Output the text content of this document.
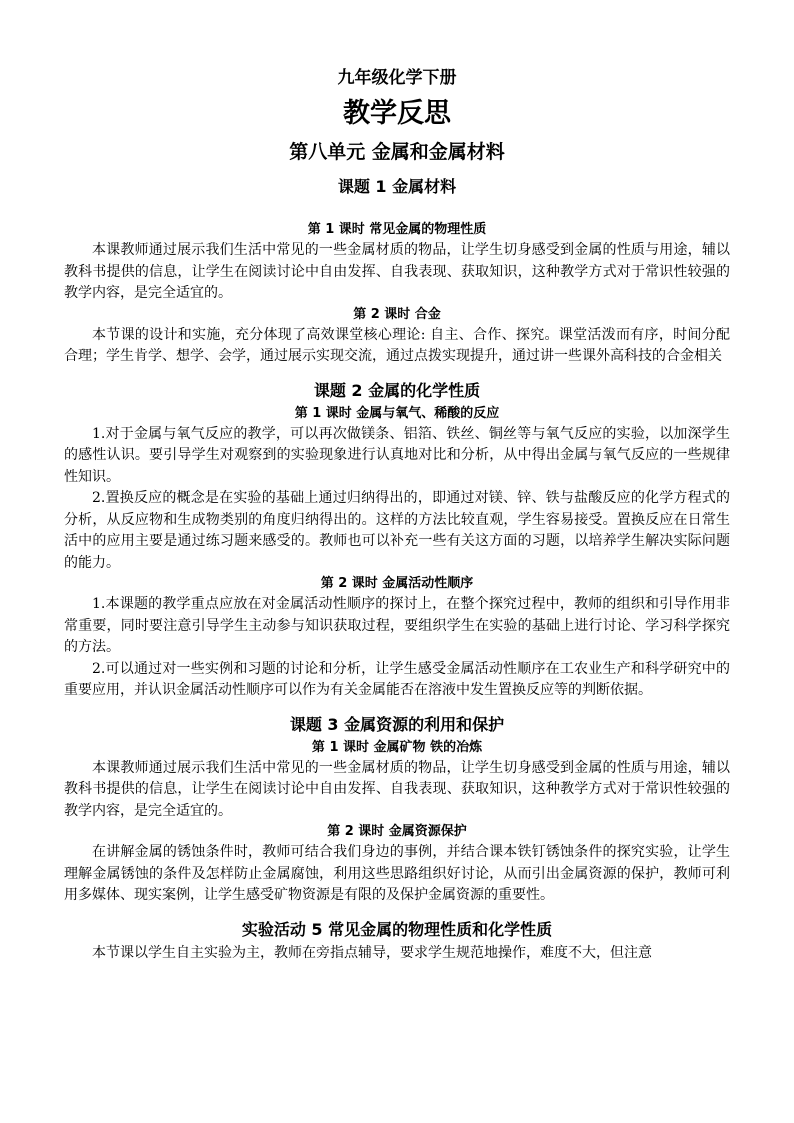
九年级化学下册
教学反思
第八单元 金属和金属材料
课题 1 金属材料
第 1 课时 常见金属的物理性质

本课教师通过展示我们生活中常见的一些金属材质的物品，让学生切身感受到金属的性质与用途，辅以教科书提供的信息，让学生在阅读讨论中自由发挥、自我表现、获取知识，这种教学方式对于常识性较强的教学内容，是完全适宜的。

第 2 课时 合金

本节课的设计和实施，充分体现了高效课堂核心理论: 自主、合作、探究。课堂活泼而有序，时间分配合理；学生肯学、想学、会学，通过展示实现交流，通过点拨实现提升，通过讲一些课外高科技的合金相关

课题 2 金属的化学性质
第 1 课时 金属与氧气、稀酸的反应

1.对于金属与氧气反应的教学，可以再次做镁条、铝箔、铁丝、铜丝等与氧气反应的实验，以加深学生的感性认识。要引导学生对观察到的实验现象进行认真地对比和分析，从中得出金属与氧气反应的一些规律性知识。

2.置换反应的概念是在实验的基础上通过归纳得出的，即通过对镁、锌、铁与盐酸反应的化学方程式的分析，从反应物和生成物类别的角度归纳得出的。这样的方法比较直观，学生容易接受。置换反应在日常生活中的应用主要是通过练习题来感受的。教师也可以补充一些有关这方面的习题，以培养学生解决实际问题的能力。

第 2 课时 金属活动性顺序

1.本课题的教学重点应放在对金属活动性顺序的探讨上，在整个探究过程中，教师的组织和引导作用非常重要，同时要注意引导学生主动参与知识获取过程，要组织学生在实验的基础上进行讨论、学习科学探究的方法。

2.可以通过对一些实例和习题的讨论和分析，让学生感受金属活动性顺序在工农业生产和科学研究中的重要应用，并认识金属活动性顺序可以作为有关金属能否在溶液中发生置换反应等的判断依据。

课题 3 金属资源的利用和保护
第 1 课时 金属矿物 铁的冶炼

本课教师通过展示我们生活中常见的一些金属材质的物品，让学生切身感受到金属的性质与用途，辅以教科书提供的信息，让学生在阅读讨论中自由发挥、自我表现、获取知识，这种教学方式对于常识性较强的教学内容，是完全适宜的。

第 2 课时 金属资源保护

在讲解金属的锈蚀条件时，教师可结合我们身边的事例，并结合课本铁钉锈蚀条件的探究实验，让学生理解金属锈蚀的条件及怎样防止金属腐蚀，利用这些思路组织好讨论，从而引出金属资源的保护，教师可利用多媒体、现实案例，让学生感受矿物资源是有限的及保护金属资源的重要性。

实验活动 5 常见金属的物理性质和化学性质

本节课以学生自主实验为主，教师在旁指点辅导，要求学生规范地操作，难度不大，但注意
